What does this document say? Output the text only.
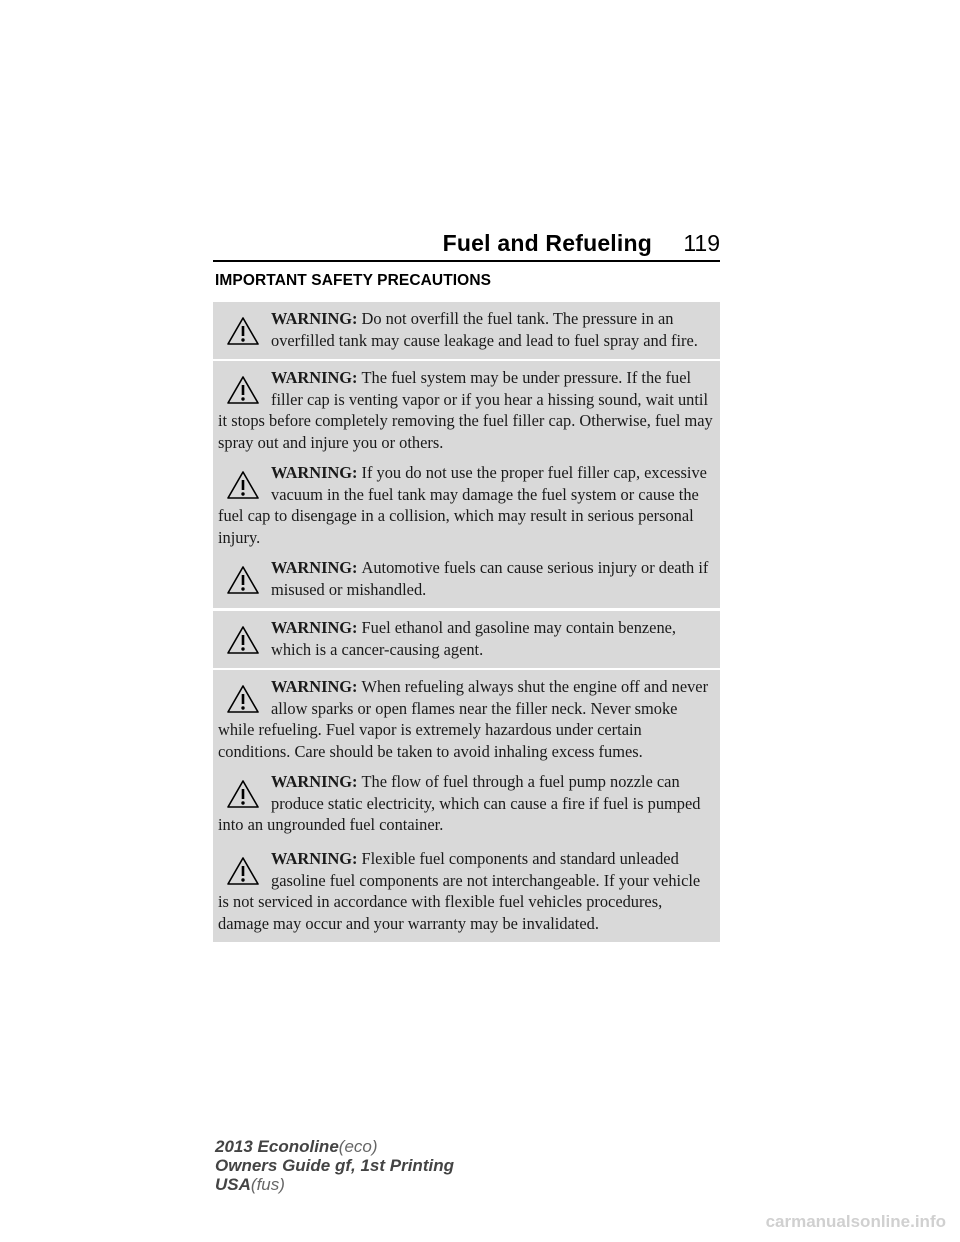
Fuel and Refueling 119
IMPORTANT SAFETY PRECAUTIONS
WARNING: Do not overfill the fuel tank. The pressure in an overfilled tank may cause leakage and lead to fuel spray and fire.
WARNING: The fuel system may be under pressure. If the fuel filler cap is venting vapor or if you hear a hissing sound, wait until it stops before completely removing the fuel filler cap. Otherwise, fuel may spray out and injure you or others.
WARNING: If you do not use the proper fuel filler cap, excessive vacuum in the fuel tank may damage the fuel system or cause the fuel cap to disengage in a collision, which may result in serious personal injury.
WARNING: Automotive fuels can cause serious injury or death if misused or mishandled.
WARNING: Fuel ethanol and gasoline may contain benzene, which is a cancer-causing agent.
WARNING: When refueling always shut the engine off and never allow sparks or open flames near the filler neck. Never smoke while refueling. Fuel vapor is extremely hazardous under certain conditions. Care should be taken to avoid inhaling excess fumes.
WARNING: The flow of fuel through a fuel pump nozzle can produce static electricity, which can cause a fire if fuel is pumped into an ungrounded fuel container.
WARNING: Flexible fuel components and standard unleaded gasoline fuel components are not interchangeable. If your vehicle is not serviced in accordance with flexible fuel vehicles procedures, damage may occur and your warranty may be invalidated.
2013 Econoline(eco)
Owners Guide gf, 1st Printing
USA(fus)
carmanualsonline.info
